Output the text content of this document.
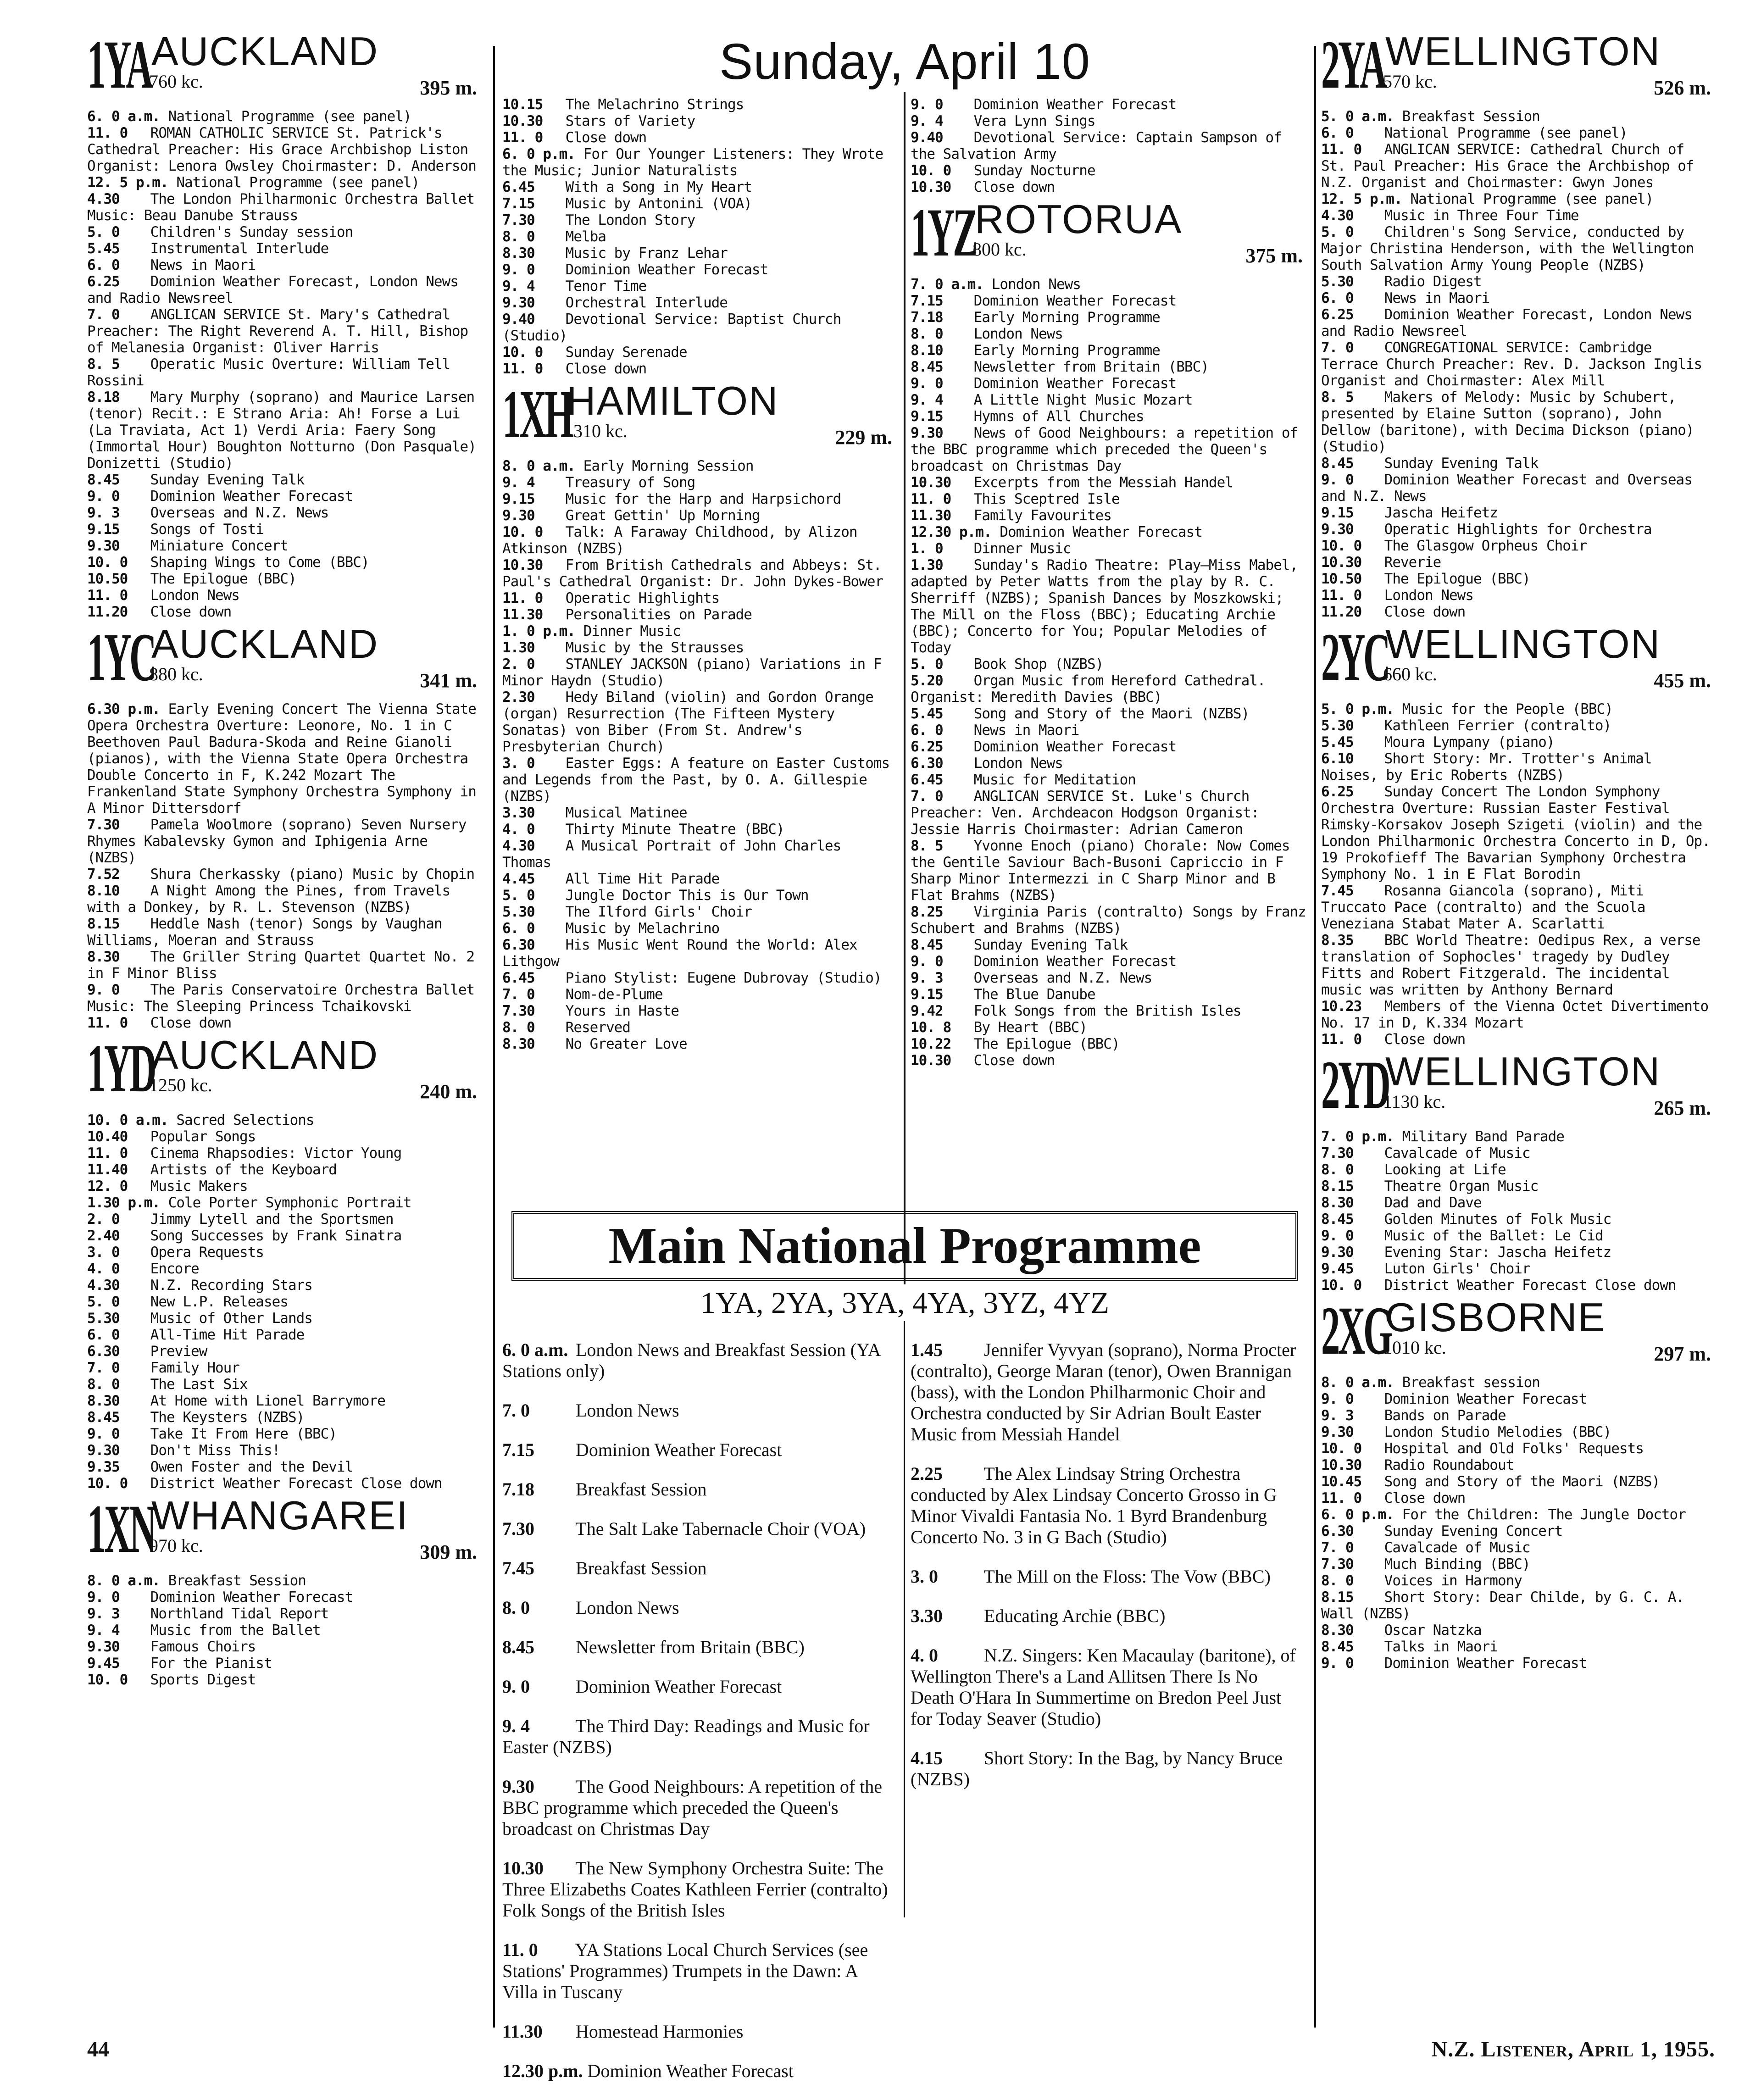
1YA AUCKLAND
760 kc.	395 m.

6. 0 a.m. National Programme (see panel)

11. 0 ROMAN CATHOLIC SERVICE St. Patrick's Cathedral Preacher: His Grace Archbishop Liston Organist: Lenora Owsley Choirmaster: D. Anderson

12. 5 p.m. National Programme (see panel)

4.30 The London Philharmonic Orchestra Ballet Music: Beau Danube Strauss

5. 0 Children's Sunday session

5.45 Instrumental Interlude

6. 0 News in Maori

6.25 Dominion Weather Forecast, London News and Radio Newsreel

7. 0 ANGLICAN SERVICE St. Mary's Cathedral Preacher: The Right Reverend A. T. Hill, Bishop of Melanesia Organist: Oliver Harris

8. 5 Operatic Music Overture: William Tell Rossini

8.18 Mary Murphy (soprano) and Maurice Larsen (tenor) Recit.: E Strano Aria: Ah! Forse a Lui (La Traviata, Act 1) Verdi Aria: Faery Song (Immortal Hour) Boughton Notturno (Don Pasquale) Donizetti (Studio)

8.45 Sunday Evening Talk

9. 0 Dominion Weather Forecast

9. 3 Overseas and N.Z. News

9.15 Songs of Tosti

9.30 Miniature Concert

10. 0 Shaping Wings to Come (BBC)

10.50 The Epilogue (BBC)

11. 0 London News

11.20 Close down

1YC
AUCKLAND
880 kc.	341 m.

6.30 p.m. Early Evening Concert The Vienna State Opera Orchestra Overture: Leonore, No. 1 in C Beethoven Paul Badura-Skoda and Reine Gianoli (pianos), with the Vienna State Opera Orchestra Double Concerto in F, K.242 Mozart The Frankenland State Symphony Orchestra Symphony in A Minor Dittersdorf

7.30 Pamela Woolmore (soprano) Seven Nursery Rhymes Kabalevsky Gymon and Iphigenia Arne (NZBS)

7.52 Shura Cherkassky (piano) Music by Chopin

8.10 A Night Among the Pines, from Travels with a Donkey, by R. L. Stevenson (NZBS)

8.15 Heddle Nash (tenor) Songs by Vaughan Williams, Moeran and Strauss

8.30 The Griller String Quartet Quartet No. 2 in F Minor Bliss

9. 0 The Paris Conservatoire Orchestra Ballet Music: The Sleeping Princess Tchaikovski

11. 0 Close down

1YD
AUCKLAND
1250 kc.	240 m.

10. 0 a.m. Sacred Selections

10.40 Popular Songs

11. 0 Cinema Rhapsodies: Victor Young

11.40 Artists of the Keyboard

12. 0 Music Makers

1.30 p.m. Cole Porter Symphonic Portrait

2. 0 Jimmy Lytell and the Sportsmen

2.40 Song Successes by Frank Sinatra

3. 0 Opera Requests

4. 0 Encore

4.30 N.Z. Recording Stars

5. 0 New L.P. Releases

5.30 Music of Other Lands

6. 0 All-Time Hit Parade

6.30 Preview

7. 0 Family Hour

8. 0 The Last Six

8.30 At Home with Lionel Barrymore

8.45 The Keysters (NZBS)

9. 0 Take It From Here (BBC)

9.30 Don't Miss This!

9.35 Owen Foster and the Devil

10. 0 District Weather Forecast Close down

1XN
WHANGAREI
970 kc.	309 m.

8. 0 a.m. Breakfast Session

9. 0 Dominion Weather Forecast

9. 3 Northland Tidal Report

9. 4 Music from the Ballet

9.30 Famous Choirs

9.45 For the Pianist

10. 0 Sports Digest

Sunday, April 10

10.15 The Melachrino Strings

10.30 Stars of Variety

11. 0 Close down

6. 0 p.m. For Our Younger Listeners: They Wrote the Music; Junior Naturalists

6.45 With a Song in My Heart

7.15 Music by Antonini (VOA)

7.30 The London Story

8. 0 Melba

8.30 Music by Franz Lehar

9. 0 Dominion Weather Forecast

9. 4 Tenor Time

9.30 Orchestral Interlude

9.40 Devotional Service: Baptist Church (Studio)

10. 0 Sunday Serenade

11. 0 Close down

1XH
HAMILTON
1310 kc.	229 m.

8. 0 a.m. Early Morning Session

9. 4 Treasury of Song

9.15 Music for the Harp and Harpsichord

9.30 Great Gettin' Up Morning

10. 0 Talk: A Faraway Childhood, by Alizon Atkinson (NZBS)

10.30 From British Cathedrals and Abbeys: St. Paul's Cathedral Organist: Dr. John Dykes-Bower

11. 0 Operatic Highlights

11.30 Personalities on Parade

1. 0 p.m. Dinner Music

1.30 Music by the Strausses

2. 0 STANLEY JACKSON (piano) Variations in F Minor Haydn (Studio)

2.30 Hedy Biland (violin) and Gordon Orange (organ) Resurrection (The Fifteen Mystery Sonatas) von Biber (From St. Andrew's Presbyterian Church)

3. 0 Easter Eggs: A feature on Easter Customs and Legends from the Past, by O. A. Gillespie (NZBS)

3.30 Musical Matinee

4. 0 Thirty Minute Theatre (BBC)

4.30 A Musical Portrait of John Charles Thomas

4.45 All Time Hit Parade

5. 0 Jungle Doctor This is Our Town

5.30 The Ilford Girls' Choir

6. 0 Music by Melachrino

6.30 His Music Went Round the World: Alex Lithgow

6.45 Piano Stylist: Eugene Dubrovay (Studio)

7. 0 Nom-de-Plume

7.30 Yours in Haste

8. 0 Reserved

8.30 No Greater Love

9. 0 Dominion Weather Forecast

9. 4 Vera Lynn Sings

9.40 Devotional Service: Captain Sampson of the Salvation Army

10. 0 Sunday Nocturne

10.30 Close down

1YZ
ROTORUA
800 kc.	375 m.

7. 0 a.m. London News

7.15 Dominion Weather Forecast

7.18 Early Morning Programme

8. 0 London News

8.10 Early Morning Programme

8.45 Newsletter from Britain (BBC)

9. 0 Dominion Weather Forecast

9. 4 A Little Night Music Mozart

9.15 Hymns of All Churches

9.30 News of Good Neighbours: a repetition of the BBC programme which preceded the Queen's broadcast on Christmas Day

10.30 Excerpts from the Messiah Handel

11. 0 This Sceptred Isle

11.30 Family Favourites

12.30 p.m. Dominion Weather Forecast

1. 0 Dinner Music

1.30 Sunday's Radio Theatre: Play—Miss Mabel, adapted by Peter Watts from the play by R. C. Sherriff (NZBS); Spanish Dances by Moszkowski; The Mill on the Floss (BBC); Educating Archie (BBC); Concerto for You; Popular Melodies of Today

5. 0 Book Shop (NZBS)

5.20 Organ Music from Hereford Cathedral. Organist: Meredith Davies (BBC)

5.45 Song and Story of the Maori (NZBS)

6. 0 News in Maori

6.25 Dominion Weather Forecast

6.30 London News

6.45 Music for Meditation

7. 0 ANGLICAN SERVICE St. Luke's Church Preacher: Ven. Archdeacon Hodgson Organist: Jessie Harris Choirmaster: Adrian Cameron

8. 5 Yvonne Enoch (piano) Chorale: Now Comes the Gentile Saviour Bach-Busoni Capriccio in F Sharp Minor Intermezzi in C Sharp Minor and B Flat Brahms (NZBS)

8.25 Virginia Paris (contralto) Songs by Franz Schubert and Brahms (NZBS)

8.45 Sunday Evening Talk

9. 0 Dominion Weather Forecast

9. 3 Overseas and N.Z. News

9.15 The Blue Danube

9.42 Folk Songs from the British Isles

10. 8 By Heart (BBC)

10.22 The Epilogue (BBC)

10.30 Close down

2YA WELLINGTON
570 kc.	526 m.

5. 0 a.m. Breakfast Session

6. 0 National Programme (see panel)

11. 0 ANGLICAN SERVICE: Cathedral Church of St. Paul Preacher: His Grace the Archbishop of N.Z. Organist and Choirmaster: Gwyn Jones

12. 5 p.m. National Programme (see panel)

4.30 Music in Three Four Time

5. 0 Children's Song Service, conducted by Major Christina Henderson, with the Wellington South Salvation Army Young People (NZBS)

5.30 Radio Digest

6. 0 News in Maori

6.25 Dominion Weather Forecast, London News and Radio Newsreel

7. 0 CONGREGATIONAL SERVICE: Cambridge Terrace Church Preacher: Rev. D. Jackson Inglis Organist and Choirmaster: Alex Mill

8. 5 Makers of Melody: Music by Schubert, presented by Elaine Sutton (soprano), John Dellow (baritone), with Decima Dickson (piano) (Studio)

8.45 Sunday Evening Talk

9. 0 Dominion Weather Forecast and Overseas and N.Z. News

9.15 Jascha Heifetz

9.30 Operatic Highlights for Orchestra

10. 0 The Glasgow Orpheus Choir

10.30 Reverie

10.50 The Epilogue (BBC)

11. 0 London News

11.20 Close down

2YC
WELLINGTON
660 kc.	455 m.

5. 0 p.m. Music for the People (BBC)

5.30 Kathleen Ferrier (contralto)

5.45 Moura Lympany (piano)

6.10 Short Story: Mr. Trotter's Animal Noises, by Eric Roberts (NZBS)

6.25 Sunday Concert The London Symphony Orchestra Overture: Russian Easter Festival Rimsky-Korsakov Joseph Szigeti (violin) and the London Philharmonic Orchestra Concerto in D, Op. 19 Prokofieff The Bavarian Symphony Orchestra Symphony No. 1 in E Flat Borodin

7.45 Rosanna Giancola (soprano), Miti Truccato Pace (contralto) and the Scuola Veneziana Stabat Mater A. Scarlatti

8.35 BBC World Theatre: Oedipus Rex, a verse translation of Sophocles' tragedy by Dudley Fitts and Robert Fitzgerald. The incidental music was written by Anthony Bernard

10.23 Members of the Vienna Octet Divertimento No. 17 in D, K.334 Mozart

11. 0 Close down

2YD
WELLINGTON
1130 kc.	265 m.

7. 0 p.m. Military Band Parade

7.30 Cavalcade of Music

8. 0 Looking at Life

8.15 Theatre Organ Music

8.30 Dad and Dave

8.45 Golden Minutes of Folk Music

9. 0 Music of the Ballet: Le Cid

9.30 Evening Star: Jascha Heifetz

9.45 Luton Girls' Choir

10. 0 District Weather Forecast Close down

2XG
GISBORNE
1010 kc.	297 m.

8. 0 a.m. Breakfast session

9. 0 Dominion Weather Forecast

9. 3 Bands on Parade

9.30 London Studio Melodies (BBC)

10. 0 Hospital and Old Folks' Requests

10.30 Radio Roundabout

10.45 Song and Story of the Maori (NZBS)

11. 0 Close down

6. 0 p.m. For the Children: The Jungle Doctor

6.30 Sunday Evening Concert

7. 0 Cavalcade of Music

7.30 Much Binding (BBC)

8. 0 Voices in Harmony

8.15 Short Story: Dear Childe, by G. C. A. Wall (NZBS)

8.30 Oscar Natzka

8.45 Talks in Maori

9. 0 Dominion Weather Forecast

Main National Programme
1YA, 2YA, 3YA, 4YA, 3YZ, 4YZ

6. 0 a.m. London News and Breakfast Session (YA Stations only)

7. 0	London News

7.15 Dominion Weather Forecast

7.18 Breakfast Session

7.30 The Salt Lake Tabernacle Choir (VOA)

7.45 Breakfast Session

8. 0	London News

8.45 Newsletter from Britain (BBC)

9. 0	Dominion Weather Forecast

9. 4 The Third Day: Readings and Music for Easter (NZBS)

9.30 The Good Neighbours: A repetition of the BBC programme which preceded the Queen's broadcast on Christmas Day

10.30 The New Symphony Orchestra Suite: The Three Elizabeths Coates Kathleen Ferrier (contralto) Folk Songs of the British Isles

11. 0 YA Stations Local Church Services (see Stations' Programmes) Trumpets in the Dawn: A Villa in Tuscany

11.30 Homestead Harmonies

12.30 p.m. Dominion Weather Forecast

1.45 Jennifer Vyvyan (soprano), Norma Procter (contralto), George Maran (tenor), Owen Brannigan (bass), with the London Philharmonic Choir and Orchestra conducted by Sir Adrian Boult Easter Music from Messiah Handel

2.25 The Alex Lindsay String Orchestra conducted by Alex Lindsay Concerto Grosso in G Minor Vivaldi Fantasia No. 1 Byrd Brandenburg Concerto No. 3 in G Bach (Studio)

3. 0 The Mill on the Floss: The Vow (BBC)

3.30 Educating Archie (BBC)

4. 0	N.Z. Singers: Ken Macaulay (baritone), of Wellington There's a Land Allitsen There Is No Death O'Hara In Summertime on Bredon Peel Just for Today Seaver (Studio)

4.15 Short Story: In the Bag, by Nancy Bruce (NZBS)

44	N.Z. Listener, April 1, 1955.
